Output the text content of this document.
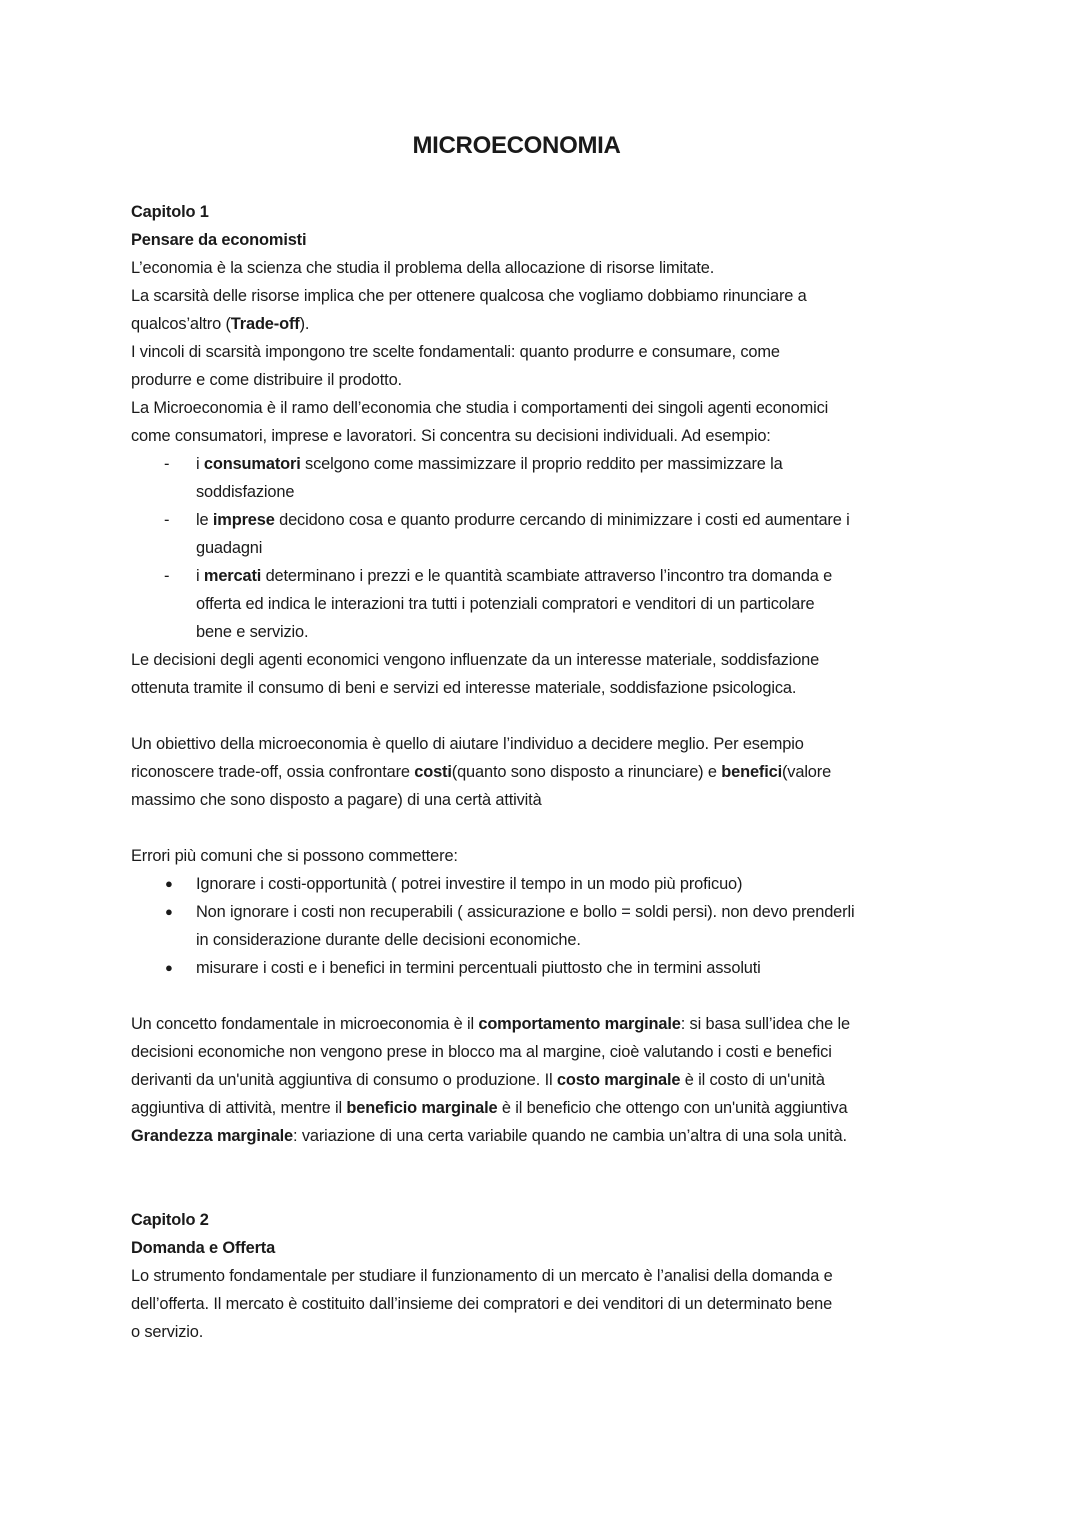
MICROECONOMIA
Capitolo 1
Pensare da economisti
L’economia è la scienza che studia il problema della allocazione di risorse limitate.
La scarsità delle risorse implica che per ottenere qualcosa che vogliamo dobbiamo rinunciare a
qualcos’altro (Trade-off).
I vincoli di scarsità impongono tre scelte fondamentali: quanto produrre e consumare, come
produrre e come distribuire il prodotto.
La Microeconomia è il ramo dell’economia che studia i comportamenti dei singoli agenti economici
come consumatori, imprese e lavoratori. Si concentra su decisioni individuali. Ad esempio:
- i consumatori scelgono come massimizzare il proprio reddito per massimizzare la
soddisfazione
- le imprese decidono cosa e quanto produrre cercando di minimizzare i costi ed aumentare i
guadagni
- i mercati determinano i prezzi e le quantità scambiate attraverso l’incontro tra domanda e
offerta ed indica le interazioni tra tutti i potenziali compratori e venditori di un particolare
bene e servizio.
Le decisioni degli agenti economici vengono influenzate da un interesse materiale, soddisfazione
ottenuta tramite il consumo di beni e servizi ed interesse materiale, soddisfazione psicologica.
Un obiettivo della microeconomia è quello di aiutare l’individuo a decidere meglio. Per esempio
riconoscere trade-off, ossia confrontare costi(quanto sono disposto a rinunciare) e benefici(valore
massimo che sono disposto a pagare) di una certà attività
Errori più comuni che si possono commettere:
● Ignorare i costi-opportunità ( potrei investire il tempo in un modo più proficuo)
● Non ignorare i costi non recuperabili ( assicurazione e bollo = soldi persi). non devo prenderli
in considerazione durante delle decisioni economiche.
● misurare i costi e i benefici in termini percentuali piuttosto che in termini assoluti
Un concetto fondamentale in microeconomia è il comportamento marginale: si basa sull’idea che le
decisioni economiche non vengono prese in blocco ma al margine, cioè valutando i costi e benefici
derivanti da un'unità aggiuntiva di consumo o produzione. Il costo marginale è il costo di un'unità
aggiuntiva di attività, mentre il beneficio marginale è il beneficio che ottengo con un'unità aggiuntiva
Grandezza marginale: variazione di una certa variabile quando ne cambia un’altra di una sola unità.
Capitolo 2
Domanda e Offerta
Lo strumento fondamentale per studiare il funzionamento di un mercato è l’analisi della domanda e
dell’offerta. Il mercato è costituito dall’insieme dei compratori e dei venditori di un determinato bene
o servizio.
